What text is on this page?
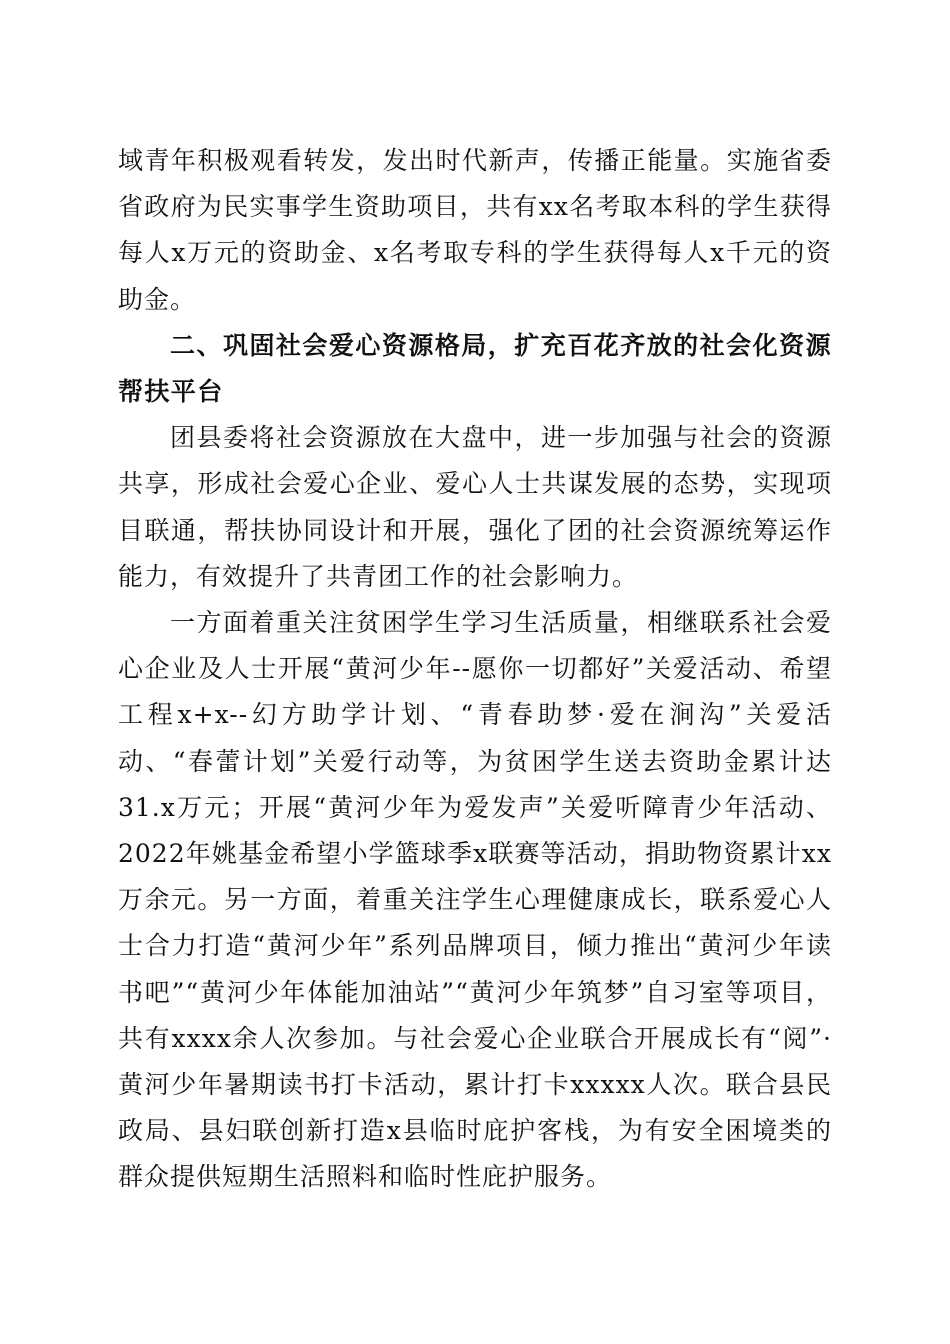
域青年积极观看转发，发出时代新声，传播正能量。实施省委省政府为民实事学生资助项目，共有xx名考取本科的学生获得每人x万元的资助金、x名考取专科的学生获得每人x千元的资助金。

二、巩固社会爱心资源格局，扩充百花齐放的社会化资源帮扶平台

团县委将社会资源放在大盘中，进一步加强与社会的资源共享，形成社会爱心企业、爱心人士共谋发展的态势，实现项目联通，帮扶协同设计和开展，强化了团的社会资源统筹运作能力，有效提升了共青团工作的社会影响力。

一方面着重关注贫困学生学习生活质量，相继联系社会爱心企业及人士开展“黄河少年--愿你一切都好”关爱活动、希望工程x+x--幻方助学计划、“青春助梦·爱在涧沟”关爱活动、“春蕾计划”关爱行动等，为贫困学生送去资助金累计达31.x万元；开展“黄河少年为爱发声”关爱听障青少年活动、2022年姚基金希望小学篮球季x联赛等活动，捐助物资累计xx万余元。另一方面，着重关注学生心理健康成长，联系爱心人士合力打造“黄河少年”系列品牌项目，倾力推出“黄河少年读书吧”“黄河少年体能加油站”“黄河少年筑梦”自习室等项目，共有xxxx余人次参加。与社会爱心企业联合开展成长有“阅”·黄河少年暑期读书打卡活动，累计打卡xxxxx人次。联合县民政局、县妇联创新打造x县临时庇护客栈，为有安全困境类的群众提供短期生活照料和临时性庇护服务。
